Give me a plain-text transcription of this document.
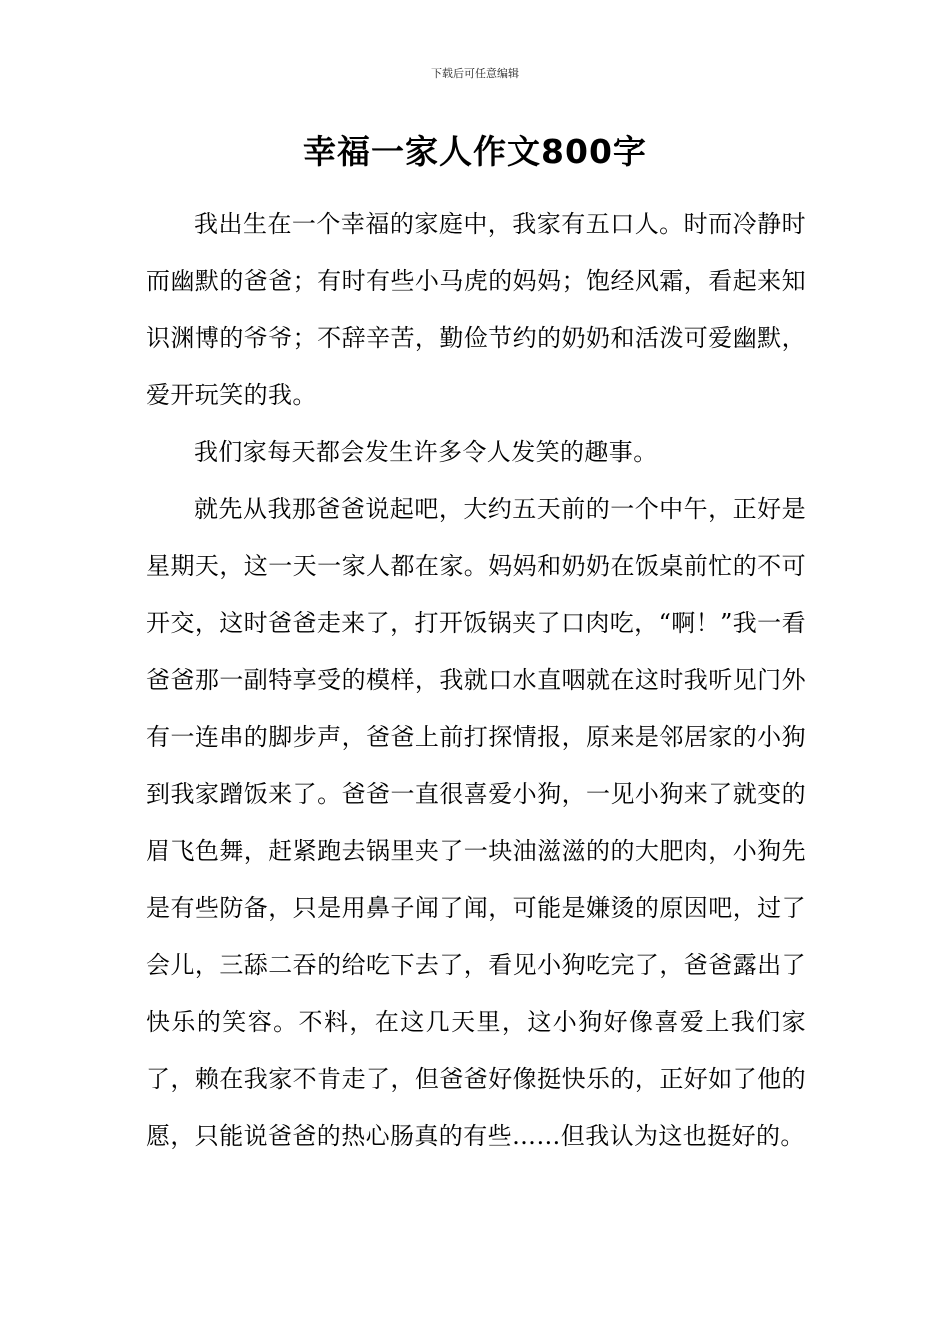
下载后可任意编辑
幸福一家人作文800字

我出生在一个幸福的家庭中，我家有五口人。时而冷静时而幽默的爸爸；有时有些小马虎的妈妈；饱经风霜，看起来知识渊博的爷爷；不辞辛苦，勤俭节约的奶奶和活泼可爱幽默，爱开玩笑的我。

我们家每天都会发生许多令人发笑的趣事。

就先从我那爸爸说起吧，大约五天前的一个中午，正好是星期天，这一天一家人都在家。妈妈和奶奶在饭桌前忙的不可开交，这时爸爸走来了，打开饭锅夹了口肉吃，“啊！”我一看爸爸那一副特享受的模样，我就口水直咽就在这时我听见门外有一连串的脚步声，爸爸上前打探情报，原来是邻居家的小狗到我家蹭饭来了。爸爸一直很喜爱小狗，一见小狗来了就变的眉飞色舞，赶紧跑去锅里夹了一块油滋滋的的大肥肉，小狗先是有些防备，只是用鼻子闻了闻，可能是嫌烫的原因吧，过了会儿，三舔二吞的给吃下去了，看见小狗吃完了，爸爸露出了快乐的笑容。不料，在这几天里，这小狗好像喜爱上我们家了，赖在我家不肯走了，但爸爸好像挺快乐的，正好如了他的愿，只能说爸爸的热心肠真的有些……但我认为这也挺好的。
